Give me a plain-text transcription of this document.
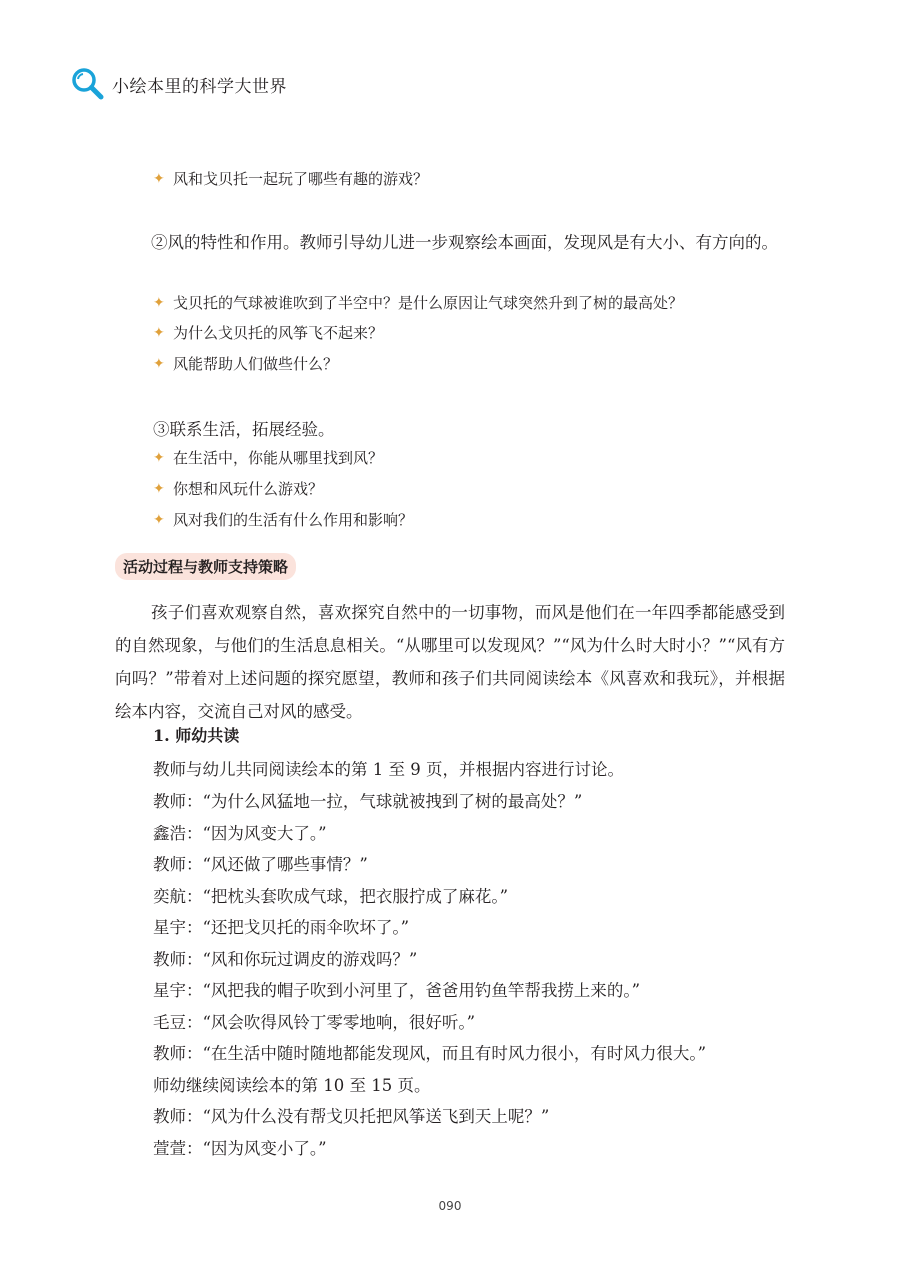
小绘本里的科学大世界
✦ 风和戈贝托一起玩了哪些有趣的游戏？
②风的特性和作用。教师引导幼儿进一步观察绘本画面，发现风是有大小、有方向的。
✦ 戈贝托的气球被谁吹到了半空中？是什么原因让气球突然升到了树的最高处？
✦ 为什么戈贝托的风筝飞不起来？
✦ 风能帮助人们做些什么？
③联系生活，拓展经验。
✦ 在生活中，你能从哪里找到风？
✦ 你想和风玩什么游戏？
✦ 风对我们的生活有什么作用和影响？
活动过程与教师支持策略
孩子们喜欢观察自然，喜欢探究自然中的一切事物，而风是他们在一年四季都能感受到的自然现象，与他们的生活息息相关。“从哪里可以发现风？”“风为什么时大时小？”“风有方向吗？”带着对上述问题的探究愿望，教师和孩子们共同阅读绘本《风喜欢和我玩》，并根据绘本内容，交流自己对风的感受。
1. 师幼共读
教师与幼儿共同阅读绘本的第 1 至 9 页，并根据内容进行讨论。
教师：“为什么风猛地一拉，气球就被拽到了树的最高处？”
鑫浩：“因为风变大了。”
教师：“风还做了哪些事情？”
奕航：“把枕头套吹成气球，把衣服拧成了麻花。”
星宇：“还把戈贝托的雨伞吹坏了。”
教师：“风和你玩过调皮的游戏吗？”
星宇：“风把我的帽子吹到小河里了，爸爸用钓鱼竿帮我捞上来的。”
毛豆：“风会吹得风铃丁零零地响，很好听。”
教师：“在生活中随时随地都能发现风，而且有时风力很小，有时风力很大。”
师幼继续阅读绘本的第 10 至 15 页。
教师：“风为什么没有帮戈贝托把风筝送飞到天上呢？”
萱萱：“因为风变小了。”
090
